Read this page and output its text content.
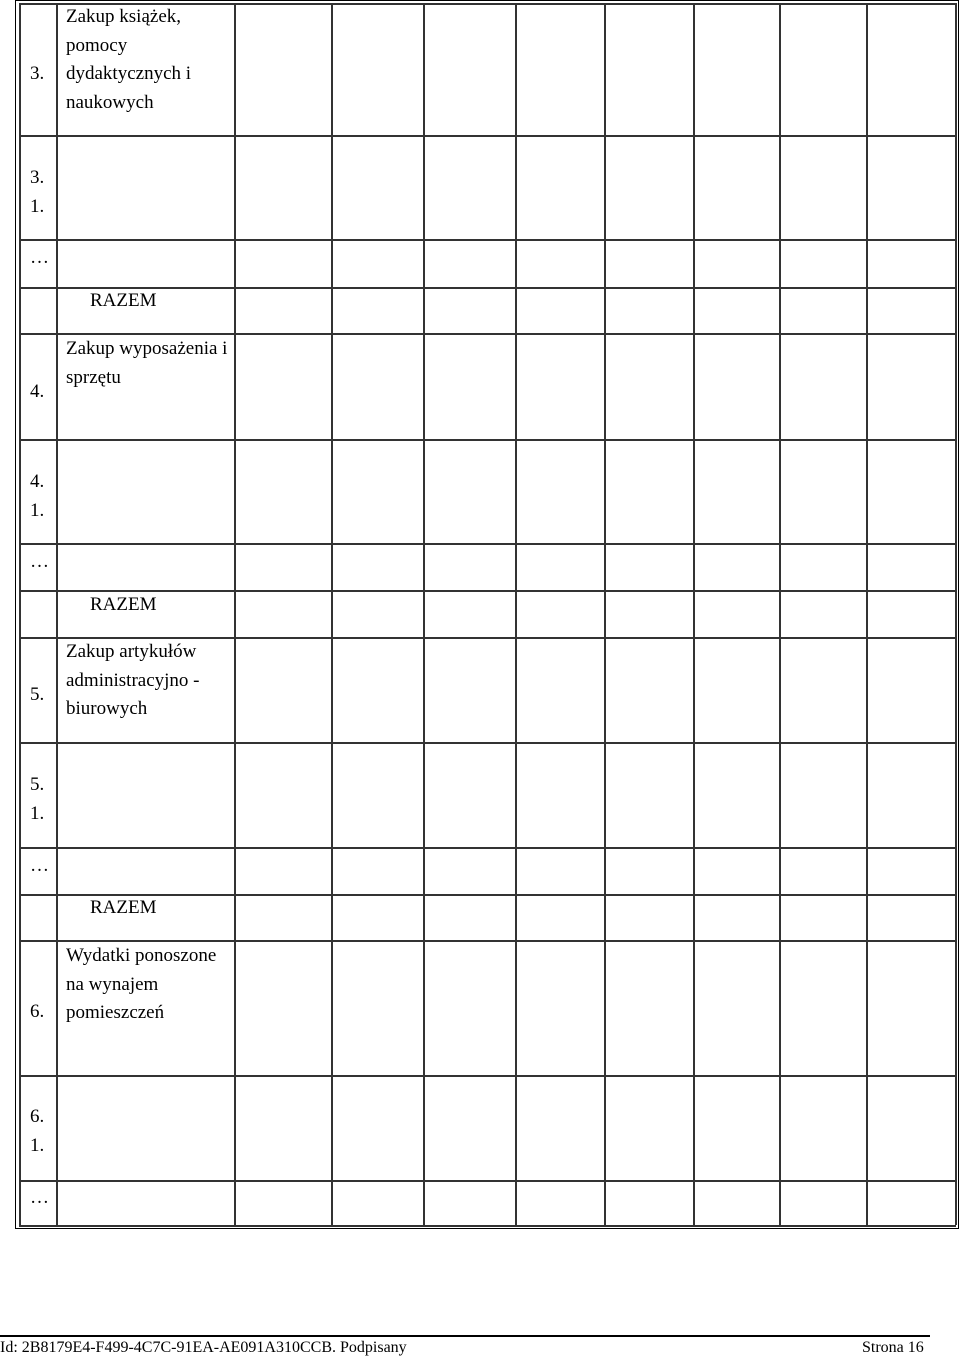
3.
Zakup książek, pomocy dydaktycznych i naukowych
3.
1.
…
RAZEM
4.
Zakup wyposażenia i sprzętu
4.
1.
…
RAZEM
5.
Zakup artykułów administracyjno - biurowych
5.
1.
…
RAZEM
6.
Wydatki ponoszone na wynajem pomieszczeń
6.
1.
…
Id: 2B8179E4-F499-4C7C-91EA-AE091A310CCB. Podpisany	Strona 16
